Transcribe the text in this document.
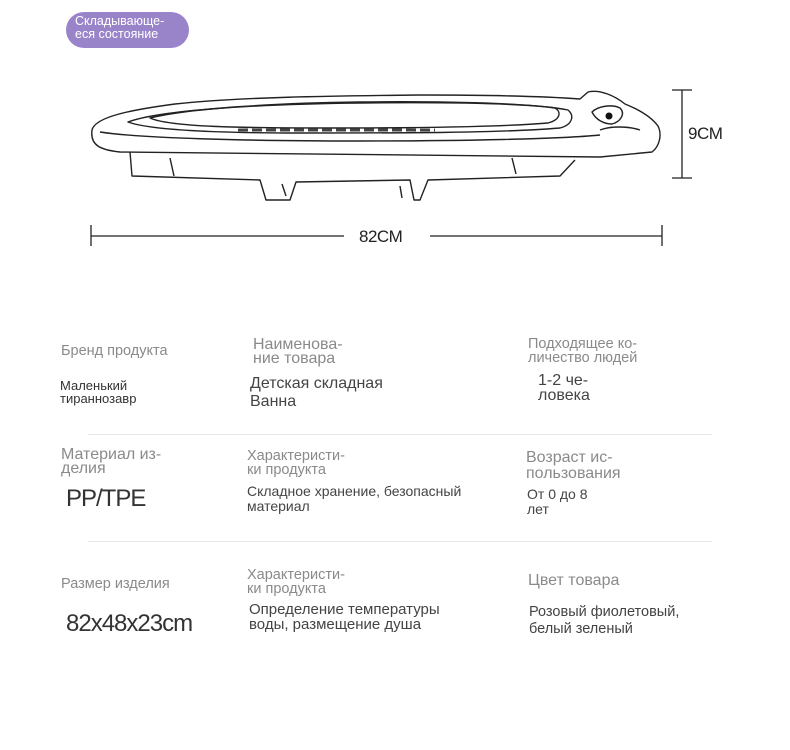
Складывающе-
еся состояние
9CM
82CM
Бренд продукта
Маленький
тираннозавр
Наименова-
ние товара
Детская складная
Ванна
Подходящее ко-
личество людей
1-2 че-
ловека
Материал из-
делия
PP/TPE
Характеристи-
ки продукта
Складное хранение, безопасный
материал
Возраст ис-
пользования
От 0 до 8
лет
Размер изделия
82x48x23cm
Характеристи-
ки продукта
Определение температуры
воды, размещение душа
Цвет товара
Розовый фиолетовый,
белый зеленый
